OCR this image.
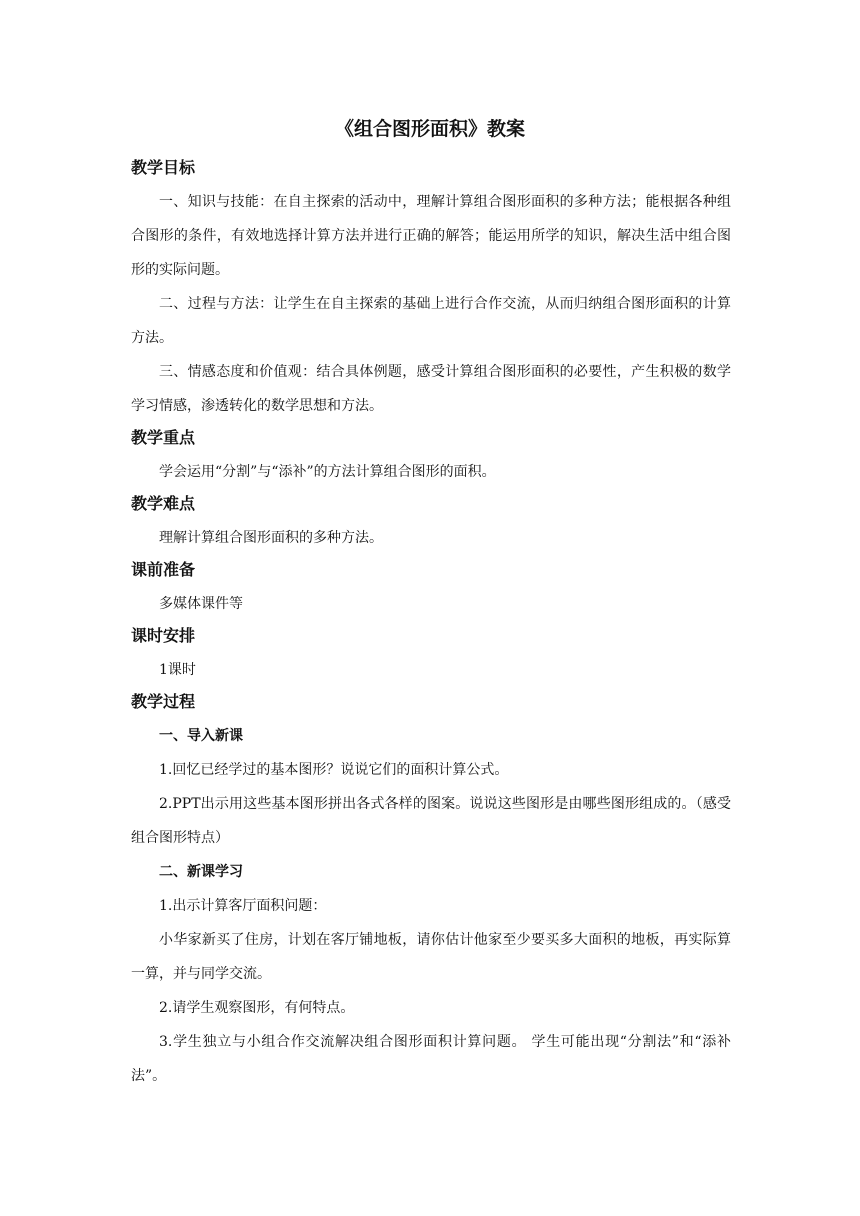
《组合图形面积》教案
教学目标

一、知识与技能：在自主探索的活动中，理解计算组合图形面积的多种方法；能根据各种组合图形的条件，有效地选择计算方法并进行正确的解答；能运用所学的知识，解决生活中组合图形的实际问题。

二、过程与方法：让学生在自主探索的基础上进行合作交流，从而归纳组合图形面积的计算方法。

三、情感态度和价值观：结合具体例题，感受计算组合图形面积的必要性，产生积极的数学学习情感，渗透转化的数学思想和方法。

教学重点

学会运用“分割”与“添补”的方法计算组合图形的面积。

教学难点

理解计算组合图形面积的多种方法。

课前准备

多媒体课件等

课时安排

1课时

教学过程

一、导入新课

1.回忆已经学过的基本图形？说说它们的面积计算公式。

2.PPT出示用这些基本图形拼出各式各样的图案。说说这些图形是由哪些图形组成的。（感受组合图形特点）

二、新课学习

1.出示计算客厅面积问题：

小华家新买了住房，计划在客厅铺地板，请你估计他家至少要买多大面积的地板，再实际算一算，并与同学交流。

2.请学生观察图形，有何特点。

3.学生独立与小组合作交流解决组合图形面积计算问题。 学生可能出现“分割法”和“添补法”。
